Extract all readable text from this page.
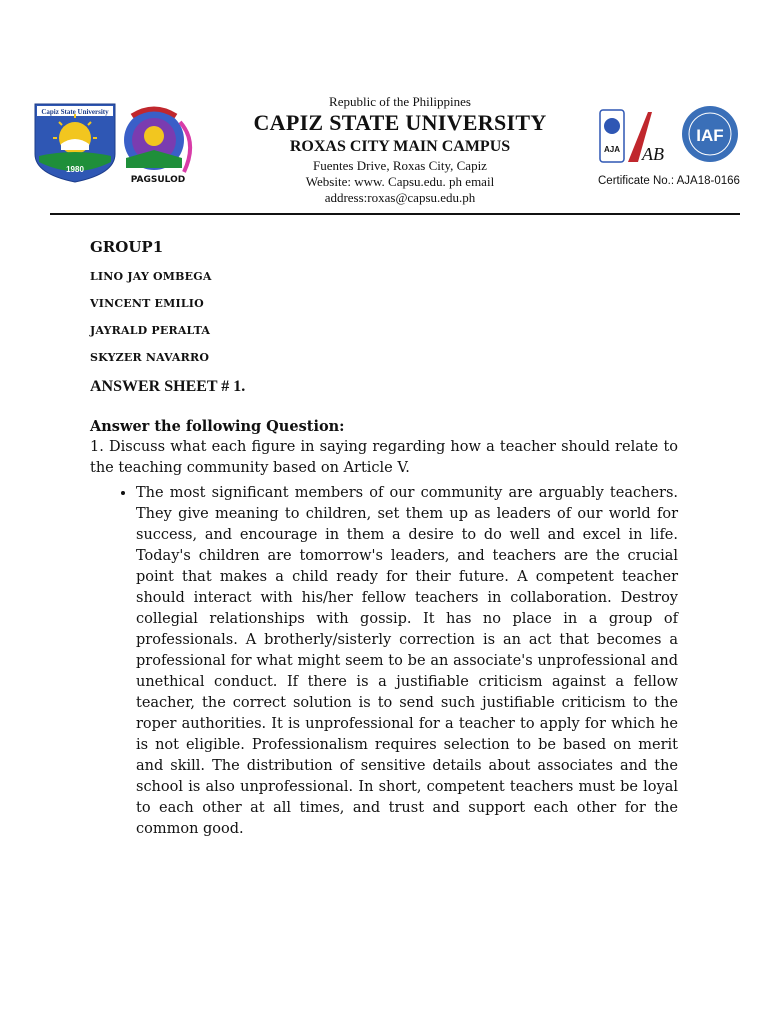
Capiz State University
1980
PAGSULOD
Republic of the Philippines
CAPIZ STATE UNIVERSITY
ROXAS CITY MAIN CAMPUS
Fuentes Drive, Roxas City, Capiz
Website: www. Capsu.edu. ph email
address:roxas@capsu.edu.ph
AJA AB
IAF
Certificate No.: AJA18-0166
GROUP1
LINO JAY OMBEGA
VINCENT EMILIO
JAYRALD PERALTA
SKYZER NAVARRO
ANSWER SHEET # 1.
Answer the following Question:

1. Discuss what each figure in saying regarding how a teacher should relate to the teaching community based on Article V.

• The most significant members of our community are arguably teachers. They give meaning to children, set them up as leaders of our world for success, and encourage in them a desire to do well and excel in life. Today's children are tomorrow's leaders, and teachers are the crucial point that makes a child ready for their future. A competent teacher should interact with his/her fellow teachers in collaboration. Destroy collegial relationships with gossip. It has no place in a group of professionals. A brotherly/sisterly correction is an act that becomes a professional for what might seem to be an associate's unprofessional and unethical conduct. If there is a justifiable criticism against a fellow teacher, the correct solution is to send such justifiable criticism to the roper authorities. It is unprofessional for a teacher to apply for which he is not eligible. Professionalism requires selection to be based on merit and skill. The distribution of sensitive details about associates and the school is also unprofessional. In short, competent teachers must be loyal to each other at all times, and trust and support each other for the common good.
